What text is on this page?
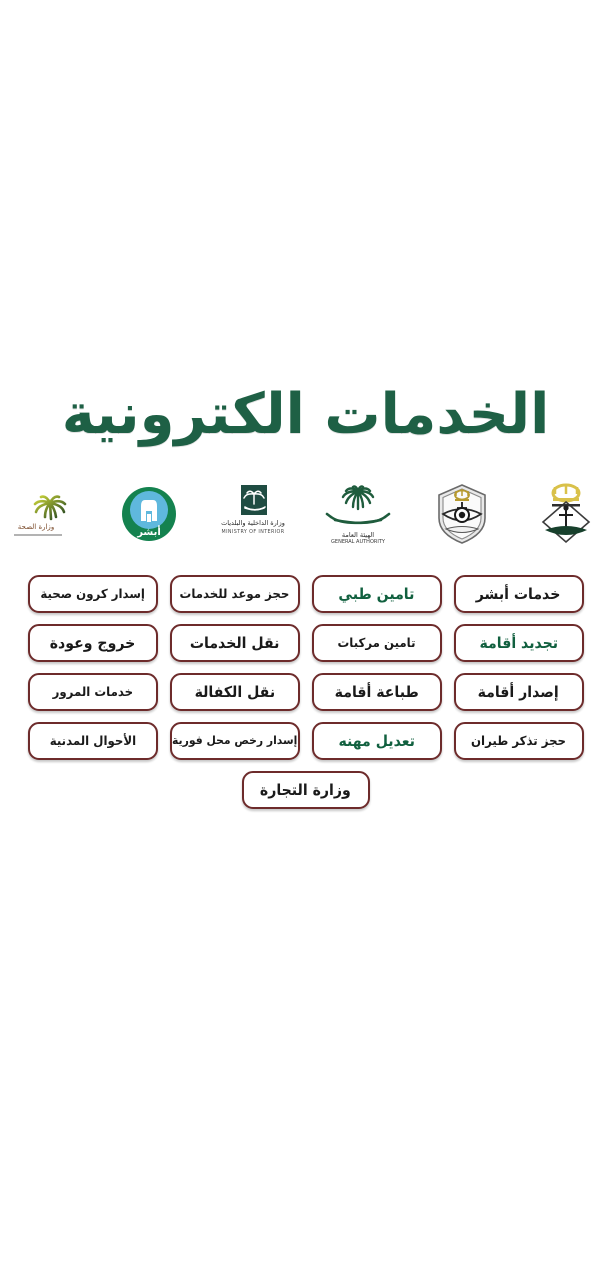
الخدمات الكترونية
الهيئة العامة
GENERAL AUTHORITY
وزارة الداخلية والبلديات
MINISTRY OF INTERIOR
أبشر
وزارة الصحة
خدمات أبشر
تامين طبي
حجز موعد للخدمات
إسدار كرون صحية
تجديد أقامة
تامين مركبات
نقل الخدمات
خروج وعودة
إصدار أقامة
طباعة أقامة
نقل الكفالة
خدمات المرور
حجز تذكر طيران
تعديل مهنه
إسدار رخص محل فورية
الأحوال المدنية
وزارة التجارة
